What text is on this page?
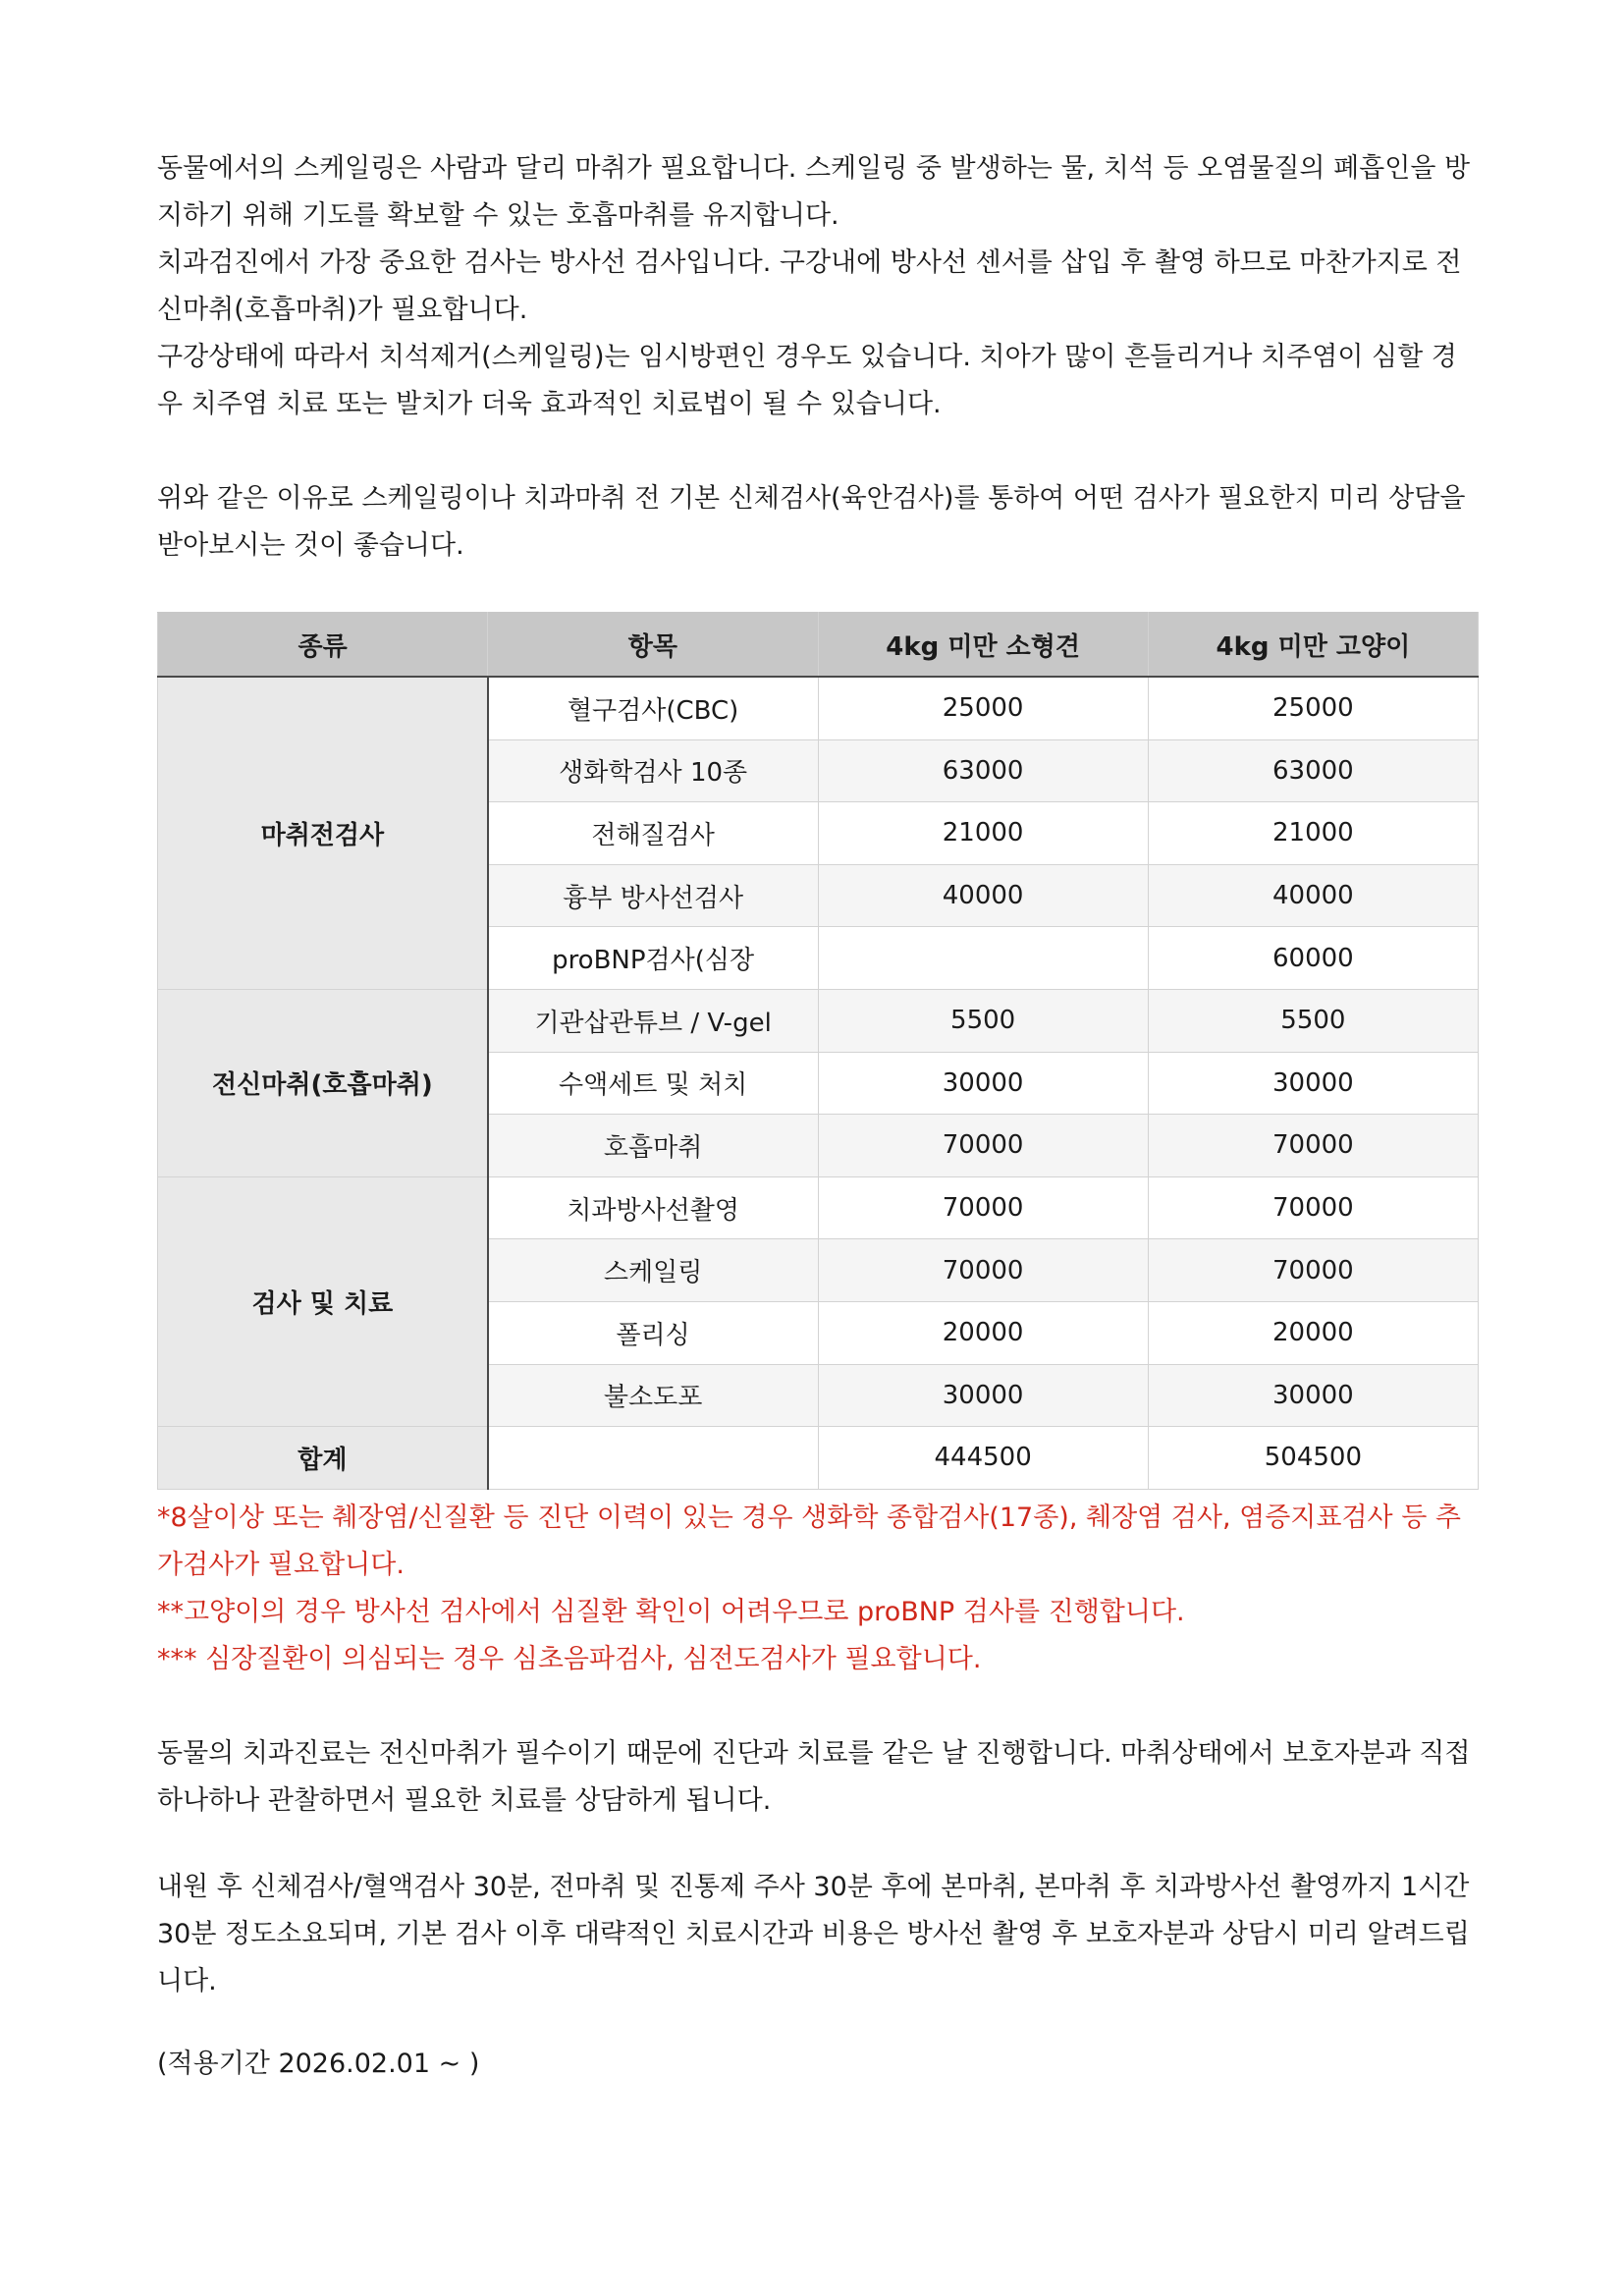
동물에서의 스케일링은 사람과 달리 마취가 필요합니다. 스케일링 중 발생하는 물, 치석 등 오염물질의 폐흡인을 방지하기 위해 기도를 확보할 수 있는 호흡마취를 유지합니다.

치과검진에서 가장 중요한 검사는 방사선 검사입니다. 구강내에 방사선 센서를 삽입 후 촬영 하므로 마찬가지로 전신마취(호흡마취)가 필요합니다.

구강상태에 따라서 치석제거(스케일링)는 임시방편인 경우도 있습니다. 치아가 많이 흔들리거나 치주염이 심할 경우 치주염 치료 또는 발치가 더욱 효과적인 치료법이 될 수 있습니다.

위와 같은 이유로 스케일링이나 치과마취 전 기본 신체검사(육안검사)를 통하여 어떤 검사가 필요한지 미리 상담을 받아보시는 것이 좋습니다.

종류	항목	4kg 미만 소형견	4kg 미만 고양이
마취전검사	혈구검사(CBC)	25000	25000
	생화학검사 10종	63000	63000
	전해질검사	21000	21000
	흉부 방사선검사	40000	40000
	proBNP검사(심장		60000
전신마취(호흡마취)	기관삽관튜브 / V-gel	5500	5500
	수액세트 및 처치	30000	30000
	호흡마취	70000	70000
검사 및 치료	치과방사선촬영	70000	70000
	스케일링	70000	70000
	폴리싱	20000	20000
	불소도포	30000	30000
합계		444500	504500

*8살이상 또는 췌장염/신질환 등 진단 이력이 있는 경우 생화학 종합검사(17종), 췌장염 검사, 염증지표검사 등 추가검사가 필요합니다.

**고양이의 경우 방사선 검사에서 심질환 확인이 어려우므로 proBNP 검사를 진행합니다.

*** 심장질환이 의심되는 경우 심초음파검사, 심전도검사가 필요합니다.

동물의 치과진료는 전신마취가 필수이기 때문에 진단과 치료를 같은 날 진행합니다. 마취상태에서 보호자분과 직접 하나하나 관찰하면서 필요한 치료를 상담하게 됩니다.

내원 후 신체검사/혈액검사 30분, 전마취 및 진통제 주사 30분 후에 본마취, 본마취 후 치과방사선 촬영까지 1시간 30분 정도소요되며, 기본 검사 이후 대략적인 치료시간과 비용은 방사선 촬영 후 보호자분과 상담시 미리 알려드립니다.

(적용기간 2026.02.01 ~ )
